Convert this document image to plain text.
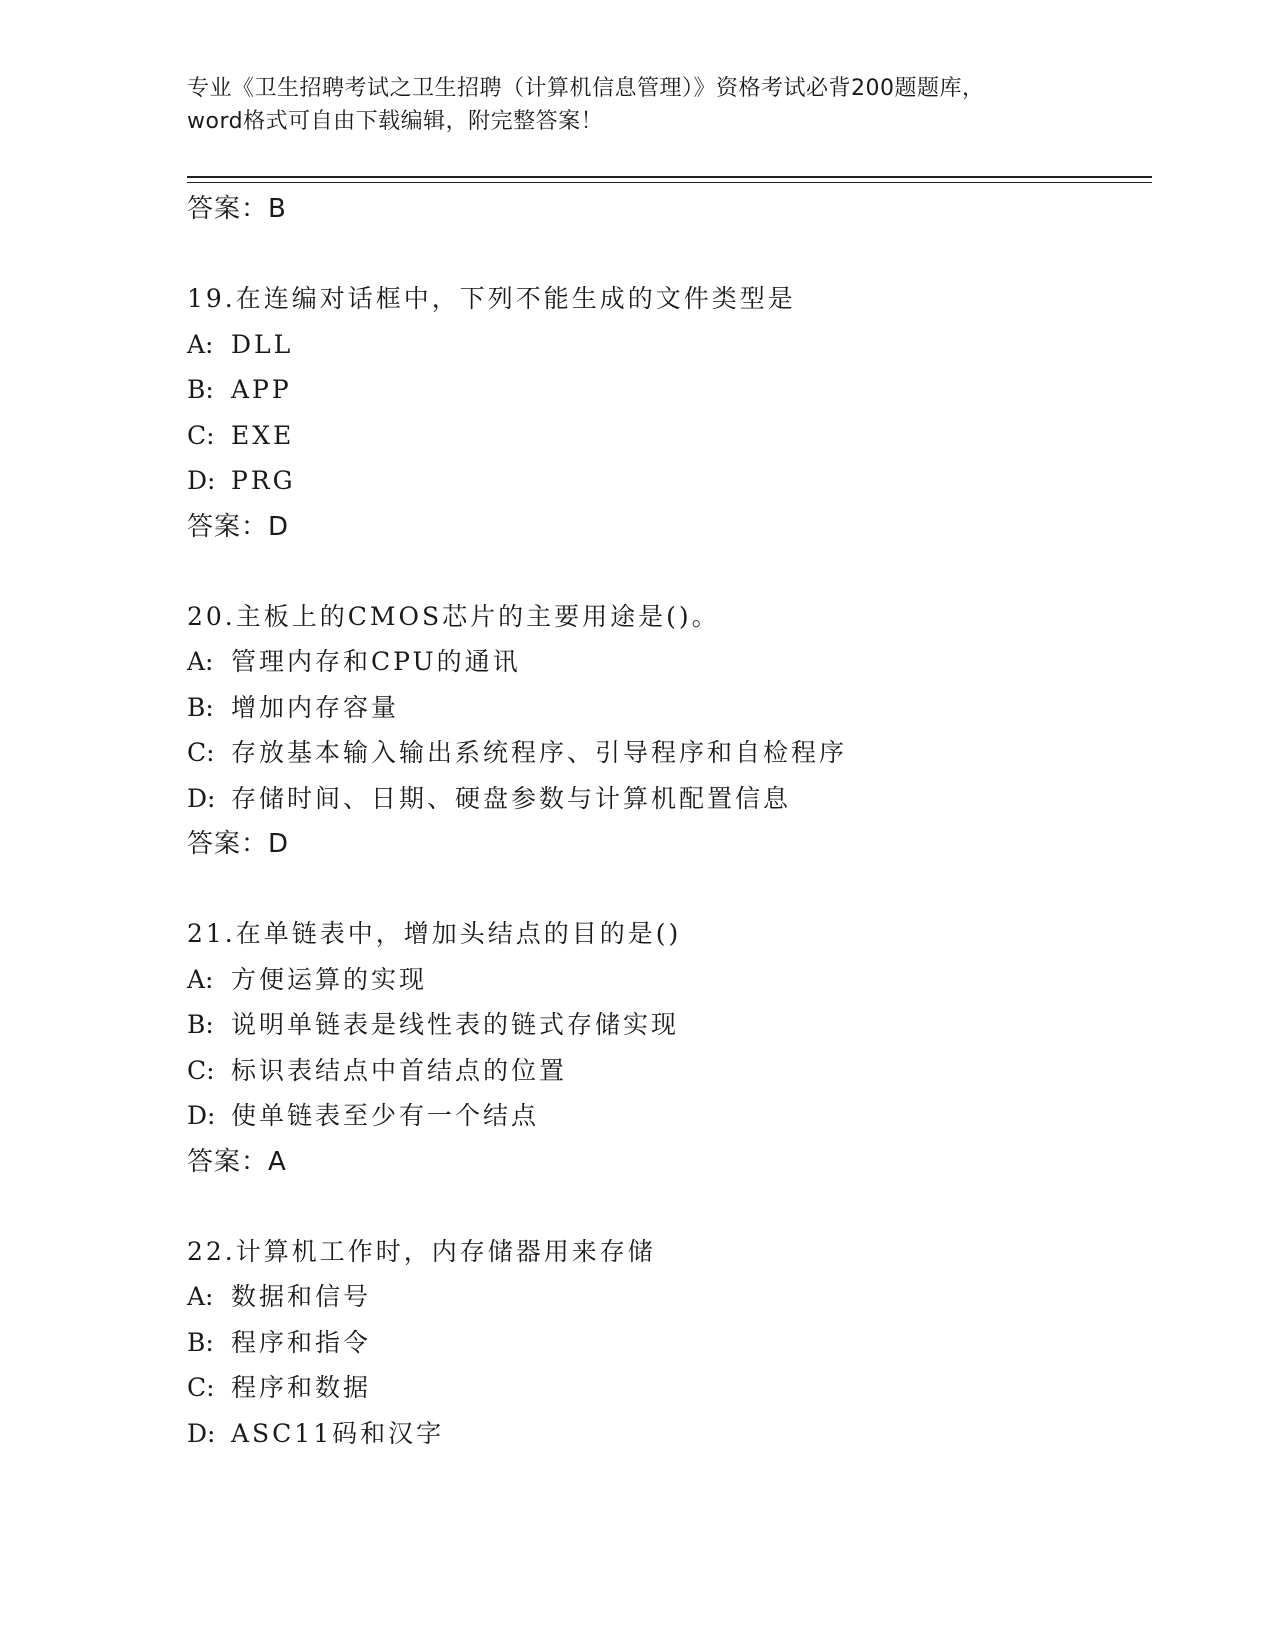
专业《卫生招聘考试之卫生招聘（计算机信息管理）》资格考试必背200题题库，
word格式可自由下载编辑，附完整答案！
答案：B
19.在连编对话框中，下列不能生成的文件类型是
A: DLL
B: APP
C: EXE
D: PRG
答案：D
20.主板上的CMOS芯片的主要用途是()。
A: 管理内存和CPU的通讯
B: 增加内存容量
C: 存放基本输入输出系统程序、引导程序和自检程序
D: 存储时间、日期、硬盘参数与计算机配置信息
答案：D
21.在单链表中，增加头结点的目的是()
A: 方便运算的实现
B: 说明单链表是线性表的链式存储实现
C: 标识表结点中首结点的位置
D: 使单链表至少有一个结点
答案：A
22.计算机工作时，内存储器用来存储
A: 数据和信号
B: 程序和指令
C: 程序和数据
D: ASC11码和汉字
